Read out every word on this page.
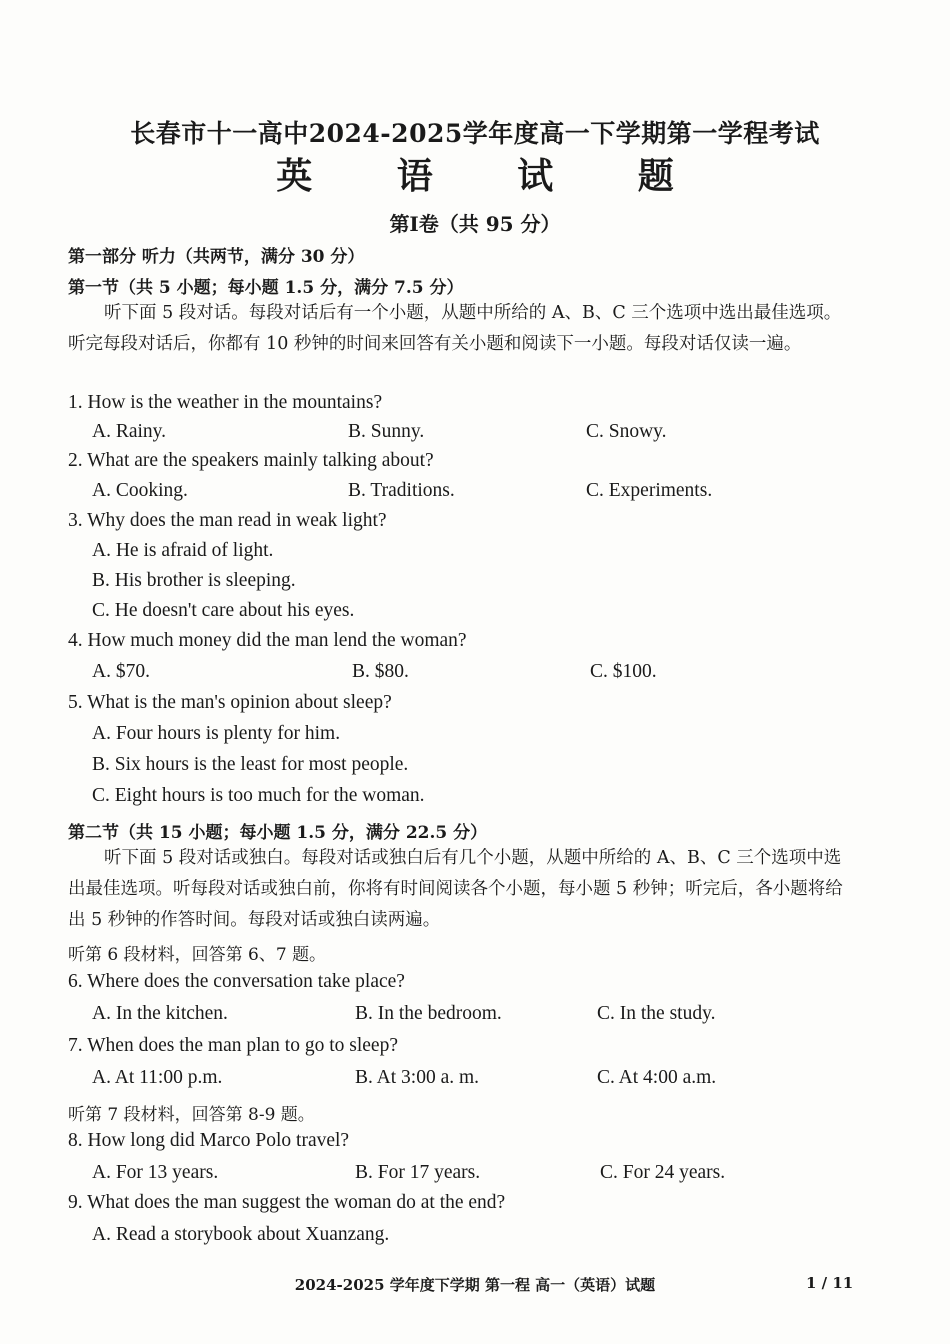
长春市十一高中2024-2025学年度高一下学期第一学程考试
英 语 试 题
第Ⅰ卷（共 95 分）
第一部分 听力（共两节，满分 30 分）
第一节（共 5 小题；每小题 1.5 分，满分 7.5 分）
听下面 5 段对话。每段对话后有一个小题，从题中所给的 A、B、C 三个选项中选出最佳选项。听完每段对话后，你都有 10 秒钟的时间来回答有关小题和阅读下一小题。每段对话仅读一遍。
1. How is the weather in the mountains?
A. Rainy.	B. Sunny.	C. Snowy.
2. What are the speakers mainly talking about?
A. Cooking.	B. Traditions.	C. Experiments.
3. Why does the man read in weak light?
A. He is afraid of light.
B. His brother is sleeping.
C. He doesn't care about his eyes.
4. How much money did the man lend the woman?
A. $70.	B. $80.	C. $100.
5. What is the man's opinion about sleep?
A. Four hours is plenty for him.
B. Six hours is the least for most people.
C. Eight hours is too much for the woman.
第二节（共 15 小题；每小题 1.5 分，满分 22.5 分）
听下面 5 段对话或独白。每段对话或独白后有几个小题，从题中所给的 A、B、C 三个选项中选出最佳选项。听每段对话或独白前，你将有时间阅读各个小题，每小题 5 秒钟；听完后，各小题将给出 5 秒钟的作答时间。每段对话或独白读两遍。
听第 6 段材料，回答第 6、7 题。
6. Where does the conversation take place?
A. In the kitchen.	B. In the bedroom.	C. In the study.
7. When does the man plan to go to sleep?
A. At 11:00 p.m.	B. At 3:00 a. m.	C. At 4:00 a.m.
听第 7 段材料，回答第 8-9 题。
8. How long did Marco Polo travel?
A. For 13 years.	B. For 17 years.	C. For 24 years.
9. What does the man suggest the woman do at the end?
A. Read a storybook about Xuanzang.
2024-2025 学年度下学期 第一程 高一（英语）试题	1 / 11
